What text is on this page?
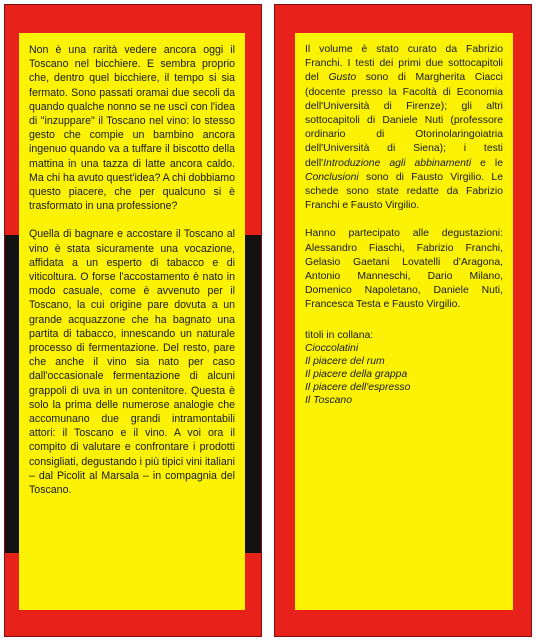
Non è una rarità vedere ancora oggi il Toscano nel bicchiere. E sembra proprio che, dentro quel bicchiere, il tempo si sia fermato. Sono passati oramai due secoli da quando qualche nonno se ne uscì con l'idea di "inzuppare" il Toscano nel vino: lo stesso gesto che compie un bambino ancora ingenuo quando va a tuffare il biscotto della mattina in una tazza di latte ancora caldo. Ma chi ha avuto quest'idea? A chi dobbiamo questo piacere, che per qualcuno si è trasformato in una professione?

Quella di bagnare e accostare il Toscano al vino è stata sicuramente una vocazione, affidata a un esperto di tabacco e di viticoltura. O forse l'accostamento è nato in modo casuale, come è avvenuto per il Toscano, la cui origine pare dovuta a un grande acquazzone che ha bagnato una partita di tabacco, innescando un naturale processo di fermentazione. Del resto, pare che anche il vino sia nato per caso dall'occasionale fermentazione di alcuni grappoli di uva in un contenitore. Questa è solo la prima delle numerose analogie che accomunano due grandi intramontabili attori: il Toscano e il vino. A voi ora il compito di valutare e confrontare i prodotti consigliati, degustando i più tipici vini italiani – dal Picolit al Marsala – in compagnia del Toscano.

Il volume è stato curato da Fabrizio Franchi. I testi dei primi due sottocapitoli del Gusto sono di Margherita Ciacci (docente presso la Facoltà di Economia dell'Università di Firenze); gli altri sottocapitoli di Daniele Nuti (professore ordinario di Otorinolaringoiatria dell'Università di Siena); i testi dell'Introduzione agli abbinamenti e le Conclusioni sono di Fausto Virgilio. Le schede sono state redatte da Fabrizio Franchi e Fausto Virgilio.

Hanno partecipato alle degustazioni: Alessandro Fiaschi, Fabrizio Franchi, Gelasio Gaetani Lovatelli d'Aragona, Antonio Manneschi, Dario Milano, Domenico Napoletano, Daniele Nuti, Francesca Testa e Fausto Virgilio.

titoli in collana:

Cioccolatini

Il piacere del rum

Il piacere della grappa

Il piacere dell'espresso

Il Toscano
